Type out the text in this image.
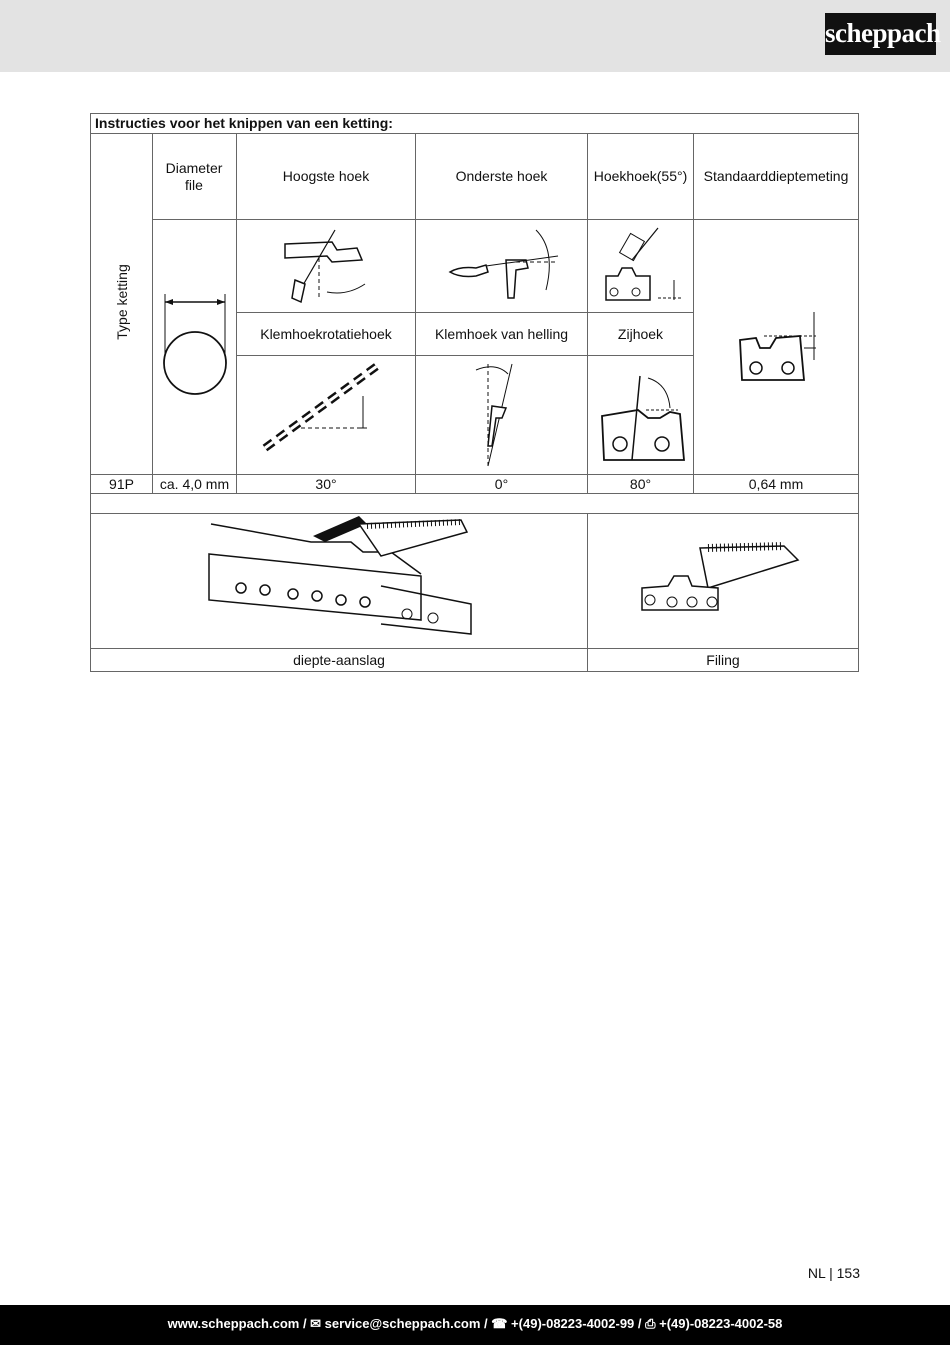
scheppach
Instructies voor het knippen van een ketting:
Type ketting
Diameter file
Hoogste hoek	Onderste hoek	Hoekhoek(55°)	Standaarddieptemeting
Klemhoekrotatiehoek	Klemhoek van helling	Zijhoek
91P	ca. 4,0 mm	30°	0°	80°	0,64 mm
diepte-aanslag	Filing
NL | 153
www.scheppach.com / ✉ service@scheppach.com / ☎ +(49)-08223-4002-99 / ⎙ +(49)-08223-4002-58
